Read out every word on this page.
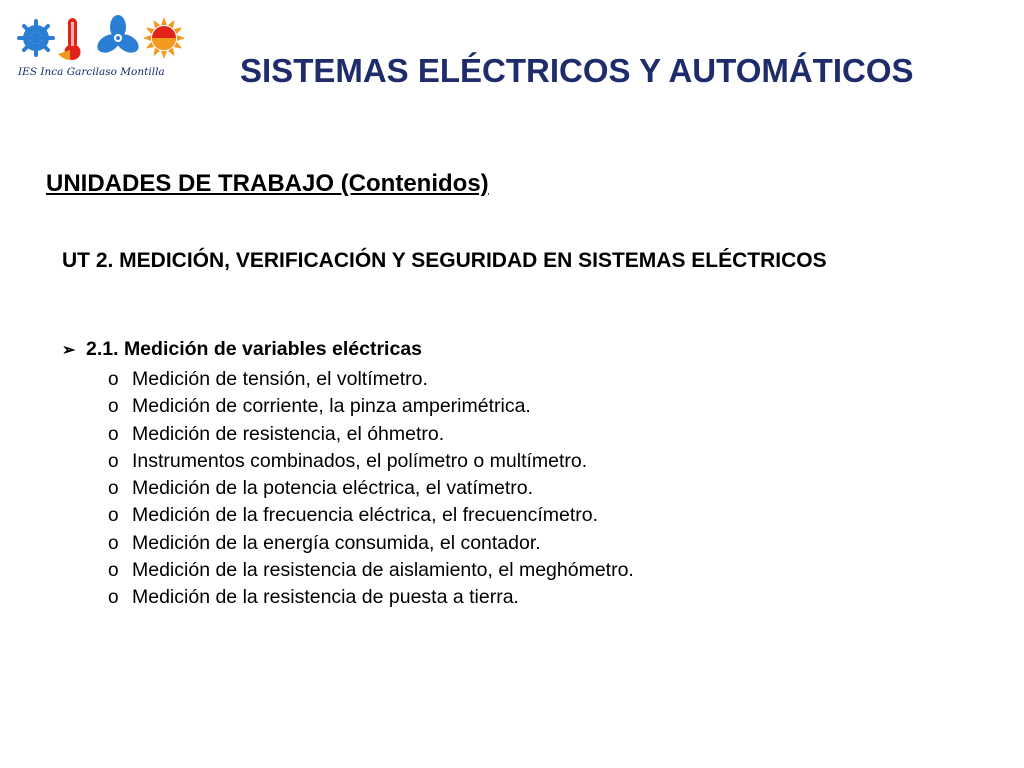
IES Inca Garcilaso Montilla	SISTEMAS ELÉCTRICOS Y AUTOMÁTICOS
UNIDADES DE TRABAJO (Contenidos)

UT 2. MEDICIÓN, VERIFICACIÓN Y SEGURIDAD EN SISTEMAS ELÉCTRICOS

➢ 2.1. Medición de variables eléctricas

o Medición de tensión, el voltímetro.
o Medición de corriente, la pinza amperimétrica.
o Medición de resistencia, el óhmetro.
o Instrumentos combinados, el polímetro o multímetro.
o Medición de la potencia eléctrica, el vatímetro.
o Medición de la frecuencia eléctrica, el frecuencímetro.
o Medición de la energía consumida, el contador.
o Medición de la resistencia de aislamiento, el meghómetro.
o Medición de la resistencia de puesta a tierra.
